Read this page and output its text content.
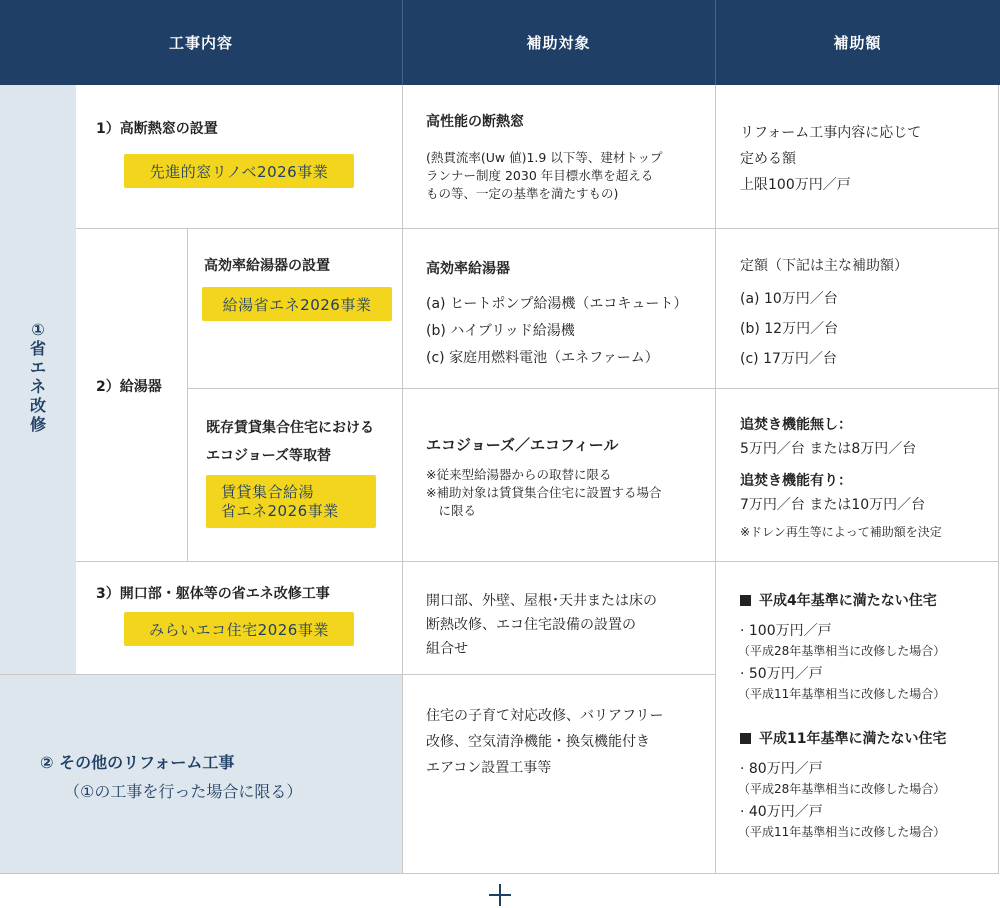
工事内容	補助対象	補助額
①
省
エ
ネ
改
修
1）高断熱窓の設置
先進的窓リノベ2026事業
高性能の断熱窓
(熱貫流率(Uw 値)1.9 以下等、建材トップ
ランナー制度 2030 年目標水準を超える
もの等、一定の基準を満たすもの)
リフォーム工事内容に応じて
定める額
上限100万円／戸
2）給湯器
高効率給湯器の設置
給湯省エネ2026事業
高効率給湯器
(a) ヒートポンプ給湯機（エコキュート）
(b) ハイブリッド給湯機
(c) 家庭用燃料電池（エネファーム）
定額（下記は主な補助額）
(a) 10万円／台
(b) 12万円／台
(c) 17万円／台
既存賃貸集合住宅における
エコジョーズ等取替
賃貸集合給湯
省エネ2026事業
エコジョーズ／エコフィール
※従来型給湯器からの取替に限る
※補助対象は賃貸集合住宅に設置する場合
　に限る
追焚き機能無し：
5万円／台 または8万円／台
追焚き機能有り：
7万円／台 または10万円／台
※ドレン再生等によって補助額を決定
3）開口部・躯体等の省エネ改修工事
みらいエコ住宅2026事業
開口部、外壁、屋根･天井または床の
断熱改修、エコ住宅設備の設置の
組合せ
平成4年基準に満たない住宅
· 100万円／戸
（平成28年基準相当に改修した場合）
· 50万円／戸
（平成11年基準相当に改修した場合）
平成11年基準に満たない住宅
· 80万円／戸
（平成28年基準相当に改修した場合）
· 40万円／戸
（平成11年基準相当に改修した場合）
② その他のリフォーム工事
（①の工事を行った場合に限る）
住宅の子育て対応改修、バリアフリー
改修、空気清浄機能・換気機能付き
エアコン設置工事等
